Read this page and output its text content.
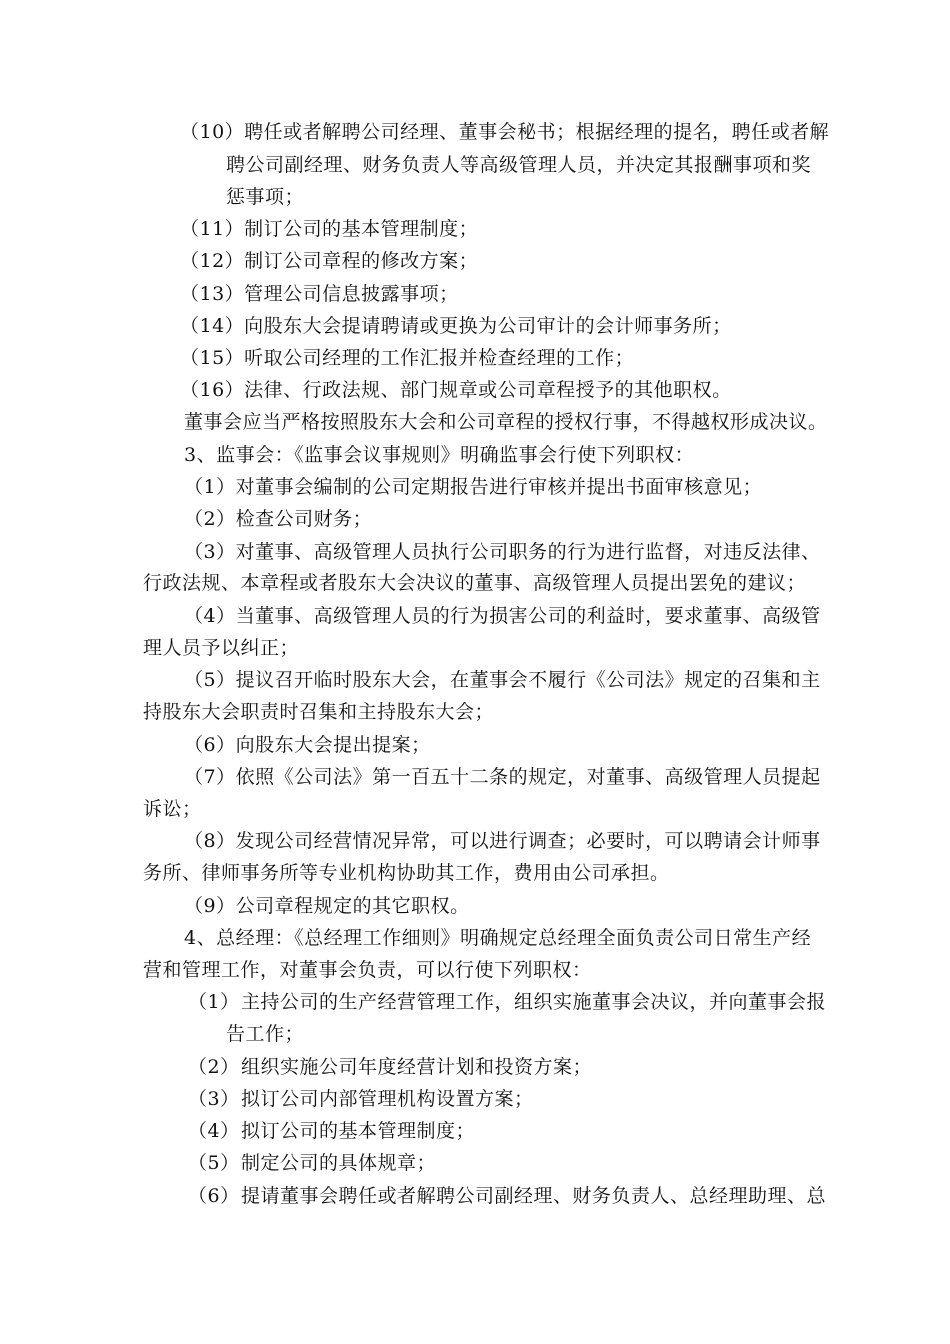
（10）聘任或者解聘公司经理、董事会秘书；根据经理的提名，聘任或者解
聘公司副经理、财务负责人等高级管理人员，并决定其报酬事项和奖
惩事项；
（11）制订公司的基本管理制度；
（12）制订公司章程的修改方案；
（13）管理公司信息披露事项；
（14）向股东大会提请聘请或更换为公司审计的会计师事务所；
（15）听取公司经理的工作汇报并检查经理的工作；
（16）法律、行政法规、部门规章或公司章程授予的其他职权。
董事会应当严格按照股东大会和公司章程的授权行事，不得越权形成决议。
3、监事会：《监事会议事规则》明确监事会行使下列职权：
（1）对董事会编制的公司定期报告进行审核并提出书面审核意见；
（2）检查公司财务；
（3）对董事、高级管理人员执行公司职务的行为进行监督，对违反法律、
行政法规、本章程或者股东大会决议的董事、高级管理人员提出罢免的建议；
（4）当董事、高级管理人员的行为损害公司的利益时，要求董事、高级管
理人员予以纠正；
（5）提议召开临时股东大会，在董事会不履行《公司法》规定的召集和主
持股东大会职责时召集和主持股东大会；
（6）向股东大会提出提案；
（7）依照《公司法》第一百五十二条的规定，对董事、高级管理人员提起
诉讼；
（8）发现公司经营情况异常，可以进行调查；必要时，可以聘请会计师事
务所、律师事务所等专业机构协助其工作，费用由公司承担。
（9）公司章程规定的其它职权。
4、总经理：《总经理工作细则》明确规定总经理全面负责公司日常生产经
营和管理工作，对董事会负责，可以行使下列职权：
（1） 主持公司的生产经营管理工作，组织实施董事会决议，并向董事会报
告工作；
（2） 组织实施公司年度经营计划和投资方案；
（3） 拟订公司内部管理机构设置方案；
（4） 拟订公司的基本管理制度；
（5） 制定公司的具体规章；
（6） 提请董事会聘任或者解聘公司副经理、财务负责人、总经理助理、总
